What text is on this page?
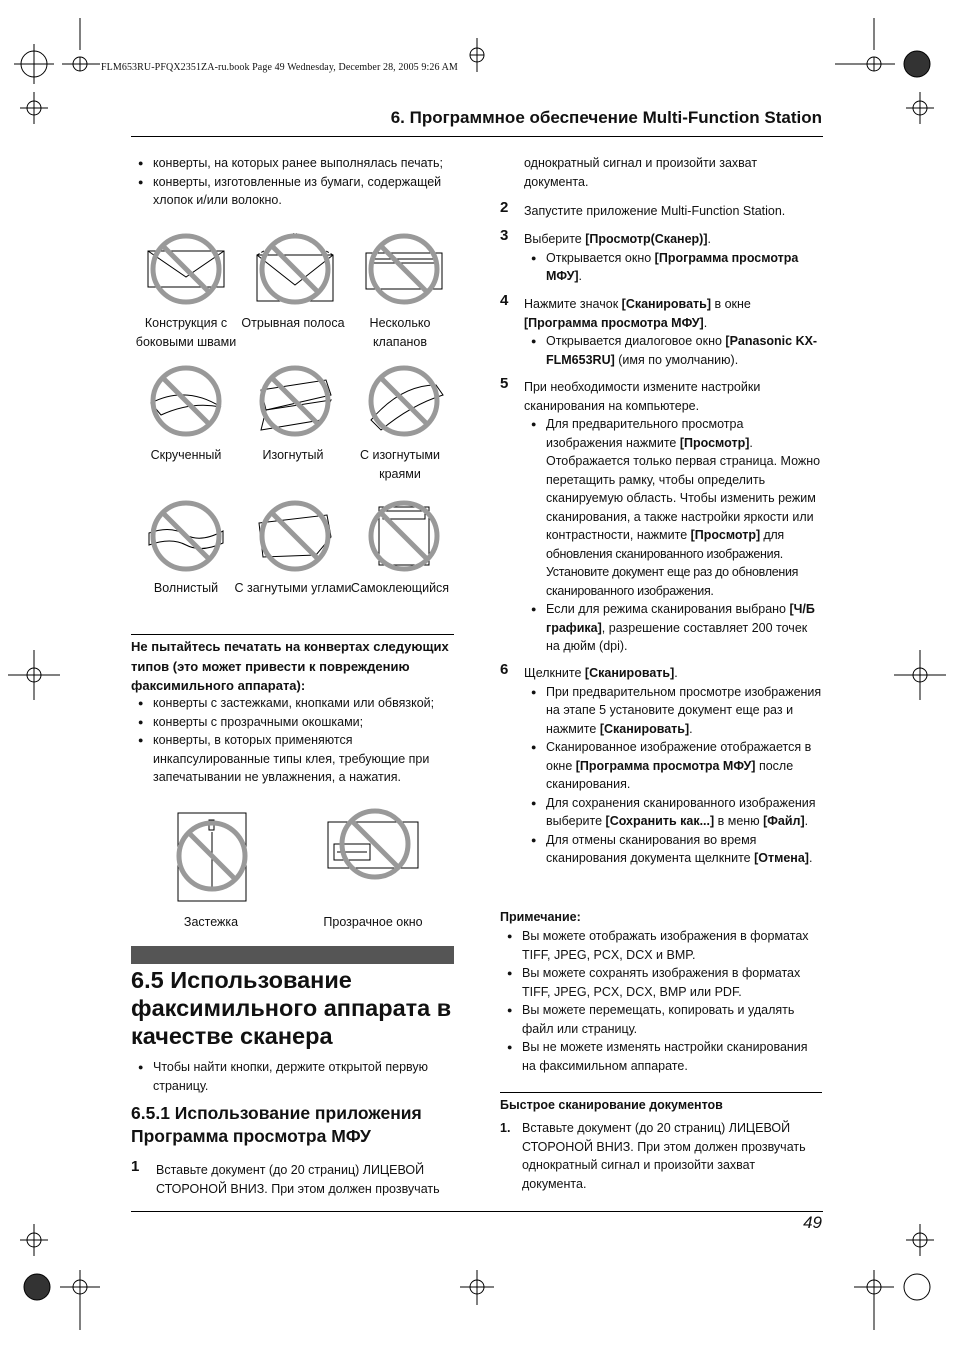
FLM653RU-PFQX2351ZA-ru.book Page 49 Wednesday, December 28, 2005 9:26 AM
6. Программное обеспечение Multi-Function Station
● конверты, на которых ранее выполнялась печать;
● конверты, изготовленные из бумаги, содержащей хлопок и/или волокно.
Конструкция с боковыми швами
Отрывная полоса	Несколько клапанов
Скрученный	Изогнутый	С изогнутыми краями
Волнистый	С загнутыми углами Самоклеющийся
Не пытайтесь печатать на конвертах следующих типов (это может привести к повреждению факсимильного аппарата):
● конверты с застежками, кнопками или обвязкой;
● конверты с прозрачными окошками;
● конверты, в которых применяются инкапсулированные типы клея, требующие при запечатывании не увлажнения, а нажатия.
Застежка	Прозрачное окно
6.5 Использование факсимильного аппарата в качестве сканера
● Чтобы найти кнопки, держите открытой первую страницу.
6.5.1 Использование приложения Программа просмотра МФУ
1 Вставьте документ (до 20 страниц) ЛИЦЕВОЙ СТОРОНОЙ ВНИЗ. При этом должен прозвучать
однократный сигнал и произойти захват документа.
2 Запустите приложение Multi-Function Station.
3 Выберите [Просмотр(Сканер)].
● Открывается окно [Программа просмотра МФУ].
4 Нажмите значок [Сканировать] в окне [Программа просмотра МФУ].
● Открывается диалоговое окно [Panasonic KX-FLM653RU] (имя по умолчанию).
5 При необходимости измените настройки сканирования на компьютере.
● Для предварительного просмотра изображения нажмите [Просмотр]. Отображается только первая страница. Можно перетащить рамку, чтобы определить сканируемую область. Чтобы изменить режим сканирования, а также настройки яркости или контрастности, нажмите [Просмотр] для обновления сканированного изображения. Установите документ еще раз до обновления сканированного изображения.
● Если для режима сканирования выбрано [Ч/Б графика], разрешение составляет 200 точек на дюйм (dpi).
6 Щелкните [Сканировать].
● При предварительном просмотре изображения на этапе 5 установите документ еще раз и нажмите [Сканировать].
● Сканированное изображение отображается в окне [Программа просмотра МФУ] после сканирования.
● Для сохранения сканированного изображения выберите [Сохранить как...] в меню [Файл].
● Для отмены сканирования во время сканирования документа щелкните [Отмена].
Примечание:
● Вы можете отображать изображения в форматах TIFF, JPEG, PCX, DCX и BMP.
● Вы можете сохранять изображения в форматах TIFF, JPEG, PCX, DCX, BMP или PDF.
● Вы можете перемещать, копировать и удалять файл или страницу.
● Вы не можете изменять настройки сканирования на факсимильном аппарате.
Быстрое сканирование документов
1. Вставьте документ (до 20 страниц) ЛИЦЕВОЙ СТОРОНОЙ ВНИЗ. При этом должен прозвучать однократный сигнал и произойти захват документа.
49
